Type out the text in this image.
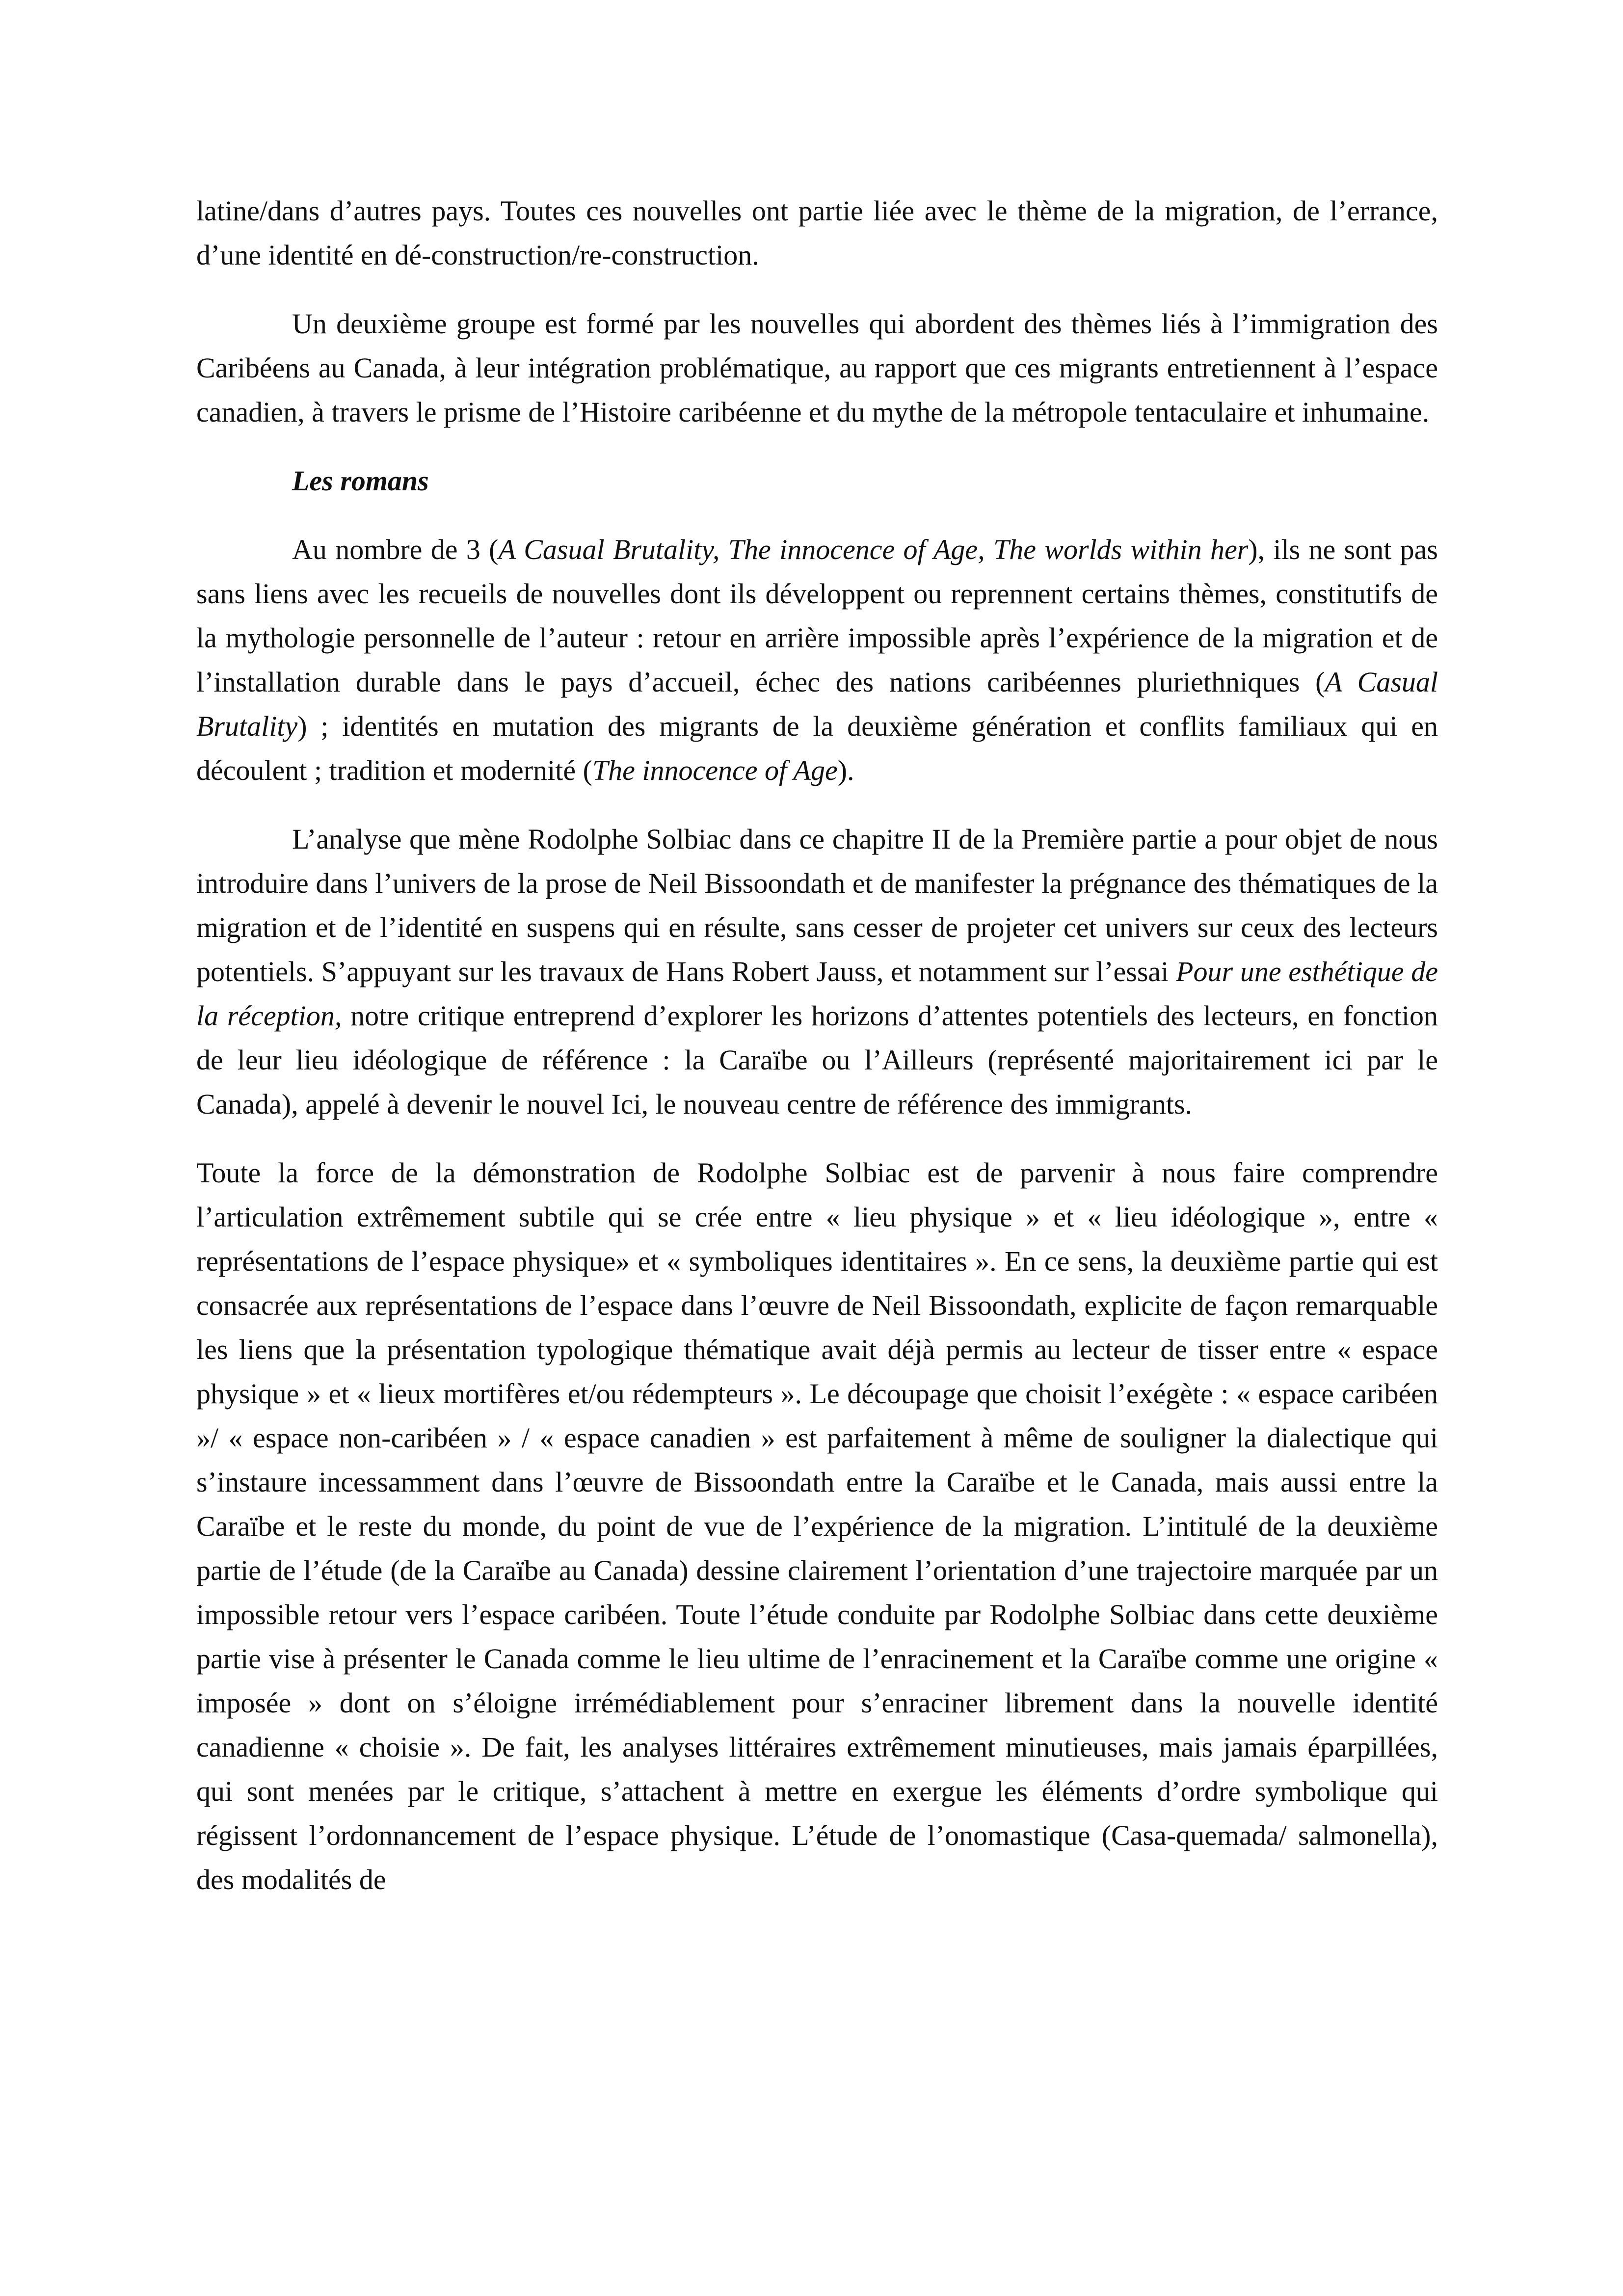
latine/dans d’autres pays. Toutes ces nouvelles ont partie liée avec le thème de la migration, de l’errance, d’une identité en dé-construction/re-construction.

Un deuxième groupe est formé par les nouvelles qui abordent des thèmes liés à l’immigration des Caribéens au Canada, à leur intégration problématique, au rapport que ces migrants entretiennent à l’espace canadien, à travers le prisme de l’Histoire caribéenne et du mythe de la métropole tentaculaire et inhumaine.

Les romans

Au nombre de 3 (A Casual Brutality, The innocence of Age, The worlds within her), ils ne sont pas sans liens avec les recueils de nouvelles dont ils développent ou reprennent certains thèmes, constitutifs de la mythologie personnelle de l’auteur : retour en arrière impossible après l’expérience de la migration et de l’installation durable dans le pays d’accueil, échec des nations caribéennes pluriethniques (A Casual Brutality) ; identités en mutation des migrants de la deuxième génération et conflits familiaux qui en découlent ; tradition et modernité (The innocence of Age).

L’analyse que mène Rodolphe Solbiac dans ce chapitre II de la Première partie a pour objet de nous introduire dans l’univers de la prose de Neil Bissoondath et de manifester la prégnance des thématiques de la migration et de l’identité en suspens qui en résulte, sans cesser de projeter cet univers sur ceux des lecteurs potentiels. S’appuyant sur les travaux de Hans Robert Jauss, et notamment sur l’essai Pour une esthétique de la réception, notre critique entreprend d’explorer les horizons d’attentes potentiels des lecteurs, en fonction de leur lieu idéologique de référence : la Caraïbe ou l’Ailleurs (représenté majoritairement ici par le Canada), appelé à devenir le nouvel Ici, le nouveau centre de référence des immigrants.

Toute la force de la démonstration de Rodolphe Solbiac est de parvenir à nous faire comprendre l’articulation extrêmement subtile qui se crée entre « lieu physique » et « lieu idéologique », entre « représentations de l’espace physique» et « symboliques identitaires ». En ce sens, la deuxième partie qui est consacrée aux représentations de l’espace dans l’œuvre de Neil Bissoondath, explicite de façon remarquable les liens que la présentation typologique thématique avait déjà permis au lecteur de tisser entre « espace physique » et « lieux mortifères et/ou rédempteurs ». Le découpage que choisit l’exégète : « espace caribéen »/ « espace non-caribéen » / « espace canadien » est parfaitement à même de souligner la dialectique qui s’instaure incessamment dans l’œuvre de Bissoondath entre la Caraïbe et le Canada, mais aussi entre la Caraïbe et le reste du monde, du point de vue de l’expérience de la migration. L’intitulé de la deuxième partie de l’étude (de la Caraïbe au Canada) dessine clairement l’orientation d’une trajectoire marquée par un impossible retour vers l’espace caribéen. Toute l’étude conduite par Rodolphe Solbiac dans cette deuxième partie vise à présenter le Canada comme le lieu ultime de l’enracinement et la Caraïbe comme une origine « imposée » dont on s’éloigne irrémédiablement pour s’enraciner librement dans la nouvelle identité canadienne « choisie ». De fait, les analyses littéraires extrêmement minutieuses, mais jamais éparpillées, qui sont menées par le critique, s’attachent à mettre en exergue les éléments d’ordre symbolique qui régissent l’ordonnancement de l’espace physique. L’étude de l’onomastique (Casa-quemada/ salmonella), des modalités de
